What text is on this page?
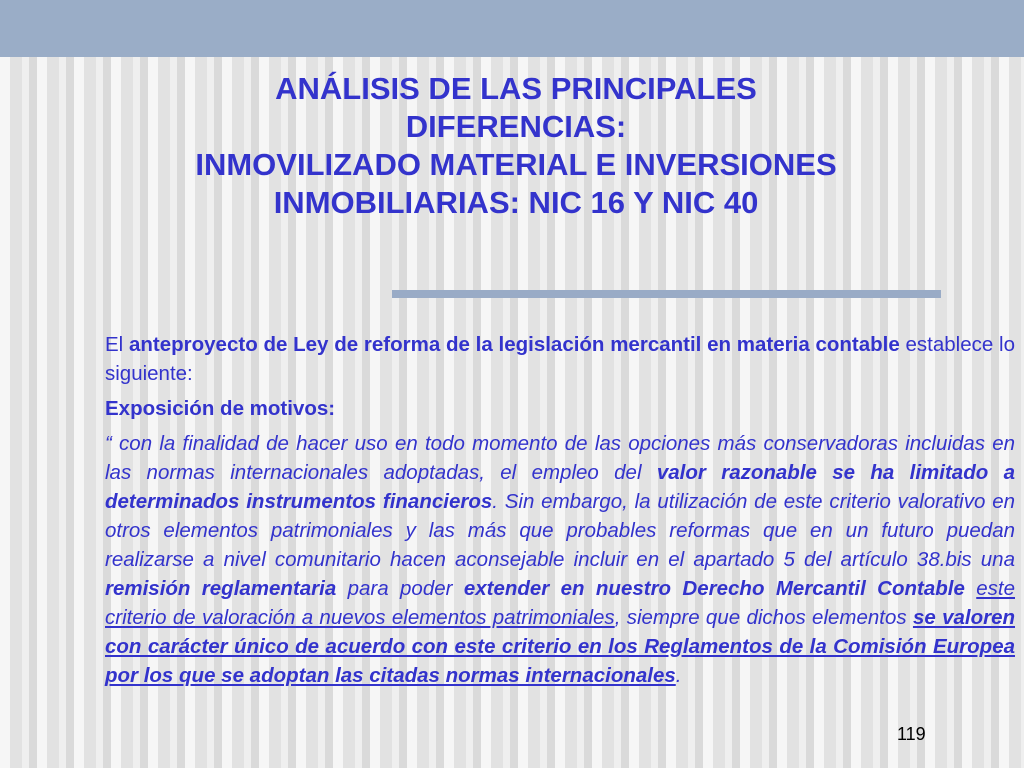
ANÁLISIS DE LAS PRINCIPALES
DIFERENCIAS:
INMOVILIZADO MATERIAL E INVERSIONES
INMOBILIARIAS: NIC 16 Y NIC 40

El anteproyecto de Ley de reforma de la legislación mercantil en materia contable establece lo siguiente:

Exposición de motivos:

“ con la finalidad de hacer uso en todo momento de las opciones más conservadoras incluidas en las normas internacionales adoptadas, el empleo del valor razonable se ha limitado a determinados instrumentos financieros. Sin embargo, la utilización de este criterio valorativo en otros elementos patrimoniales y las más que probables reformas que en un futuro puedan realizarse a nivel comunitario hacen aconsejable incluir en el apartado 5 del artículo 38.bis una remisión reglamentaria para poder extender en nuestro Derecho Mercantil Contable este criterio de valoración a nuevos elementos patrimoniales, siempre que dichos elementos se valoren con carácter único de acuerdo con este criterio en los Reglamentos de la Comisión Europea por los que se adoptan las citadas normas internacionales.

119
